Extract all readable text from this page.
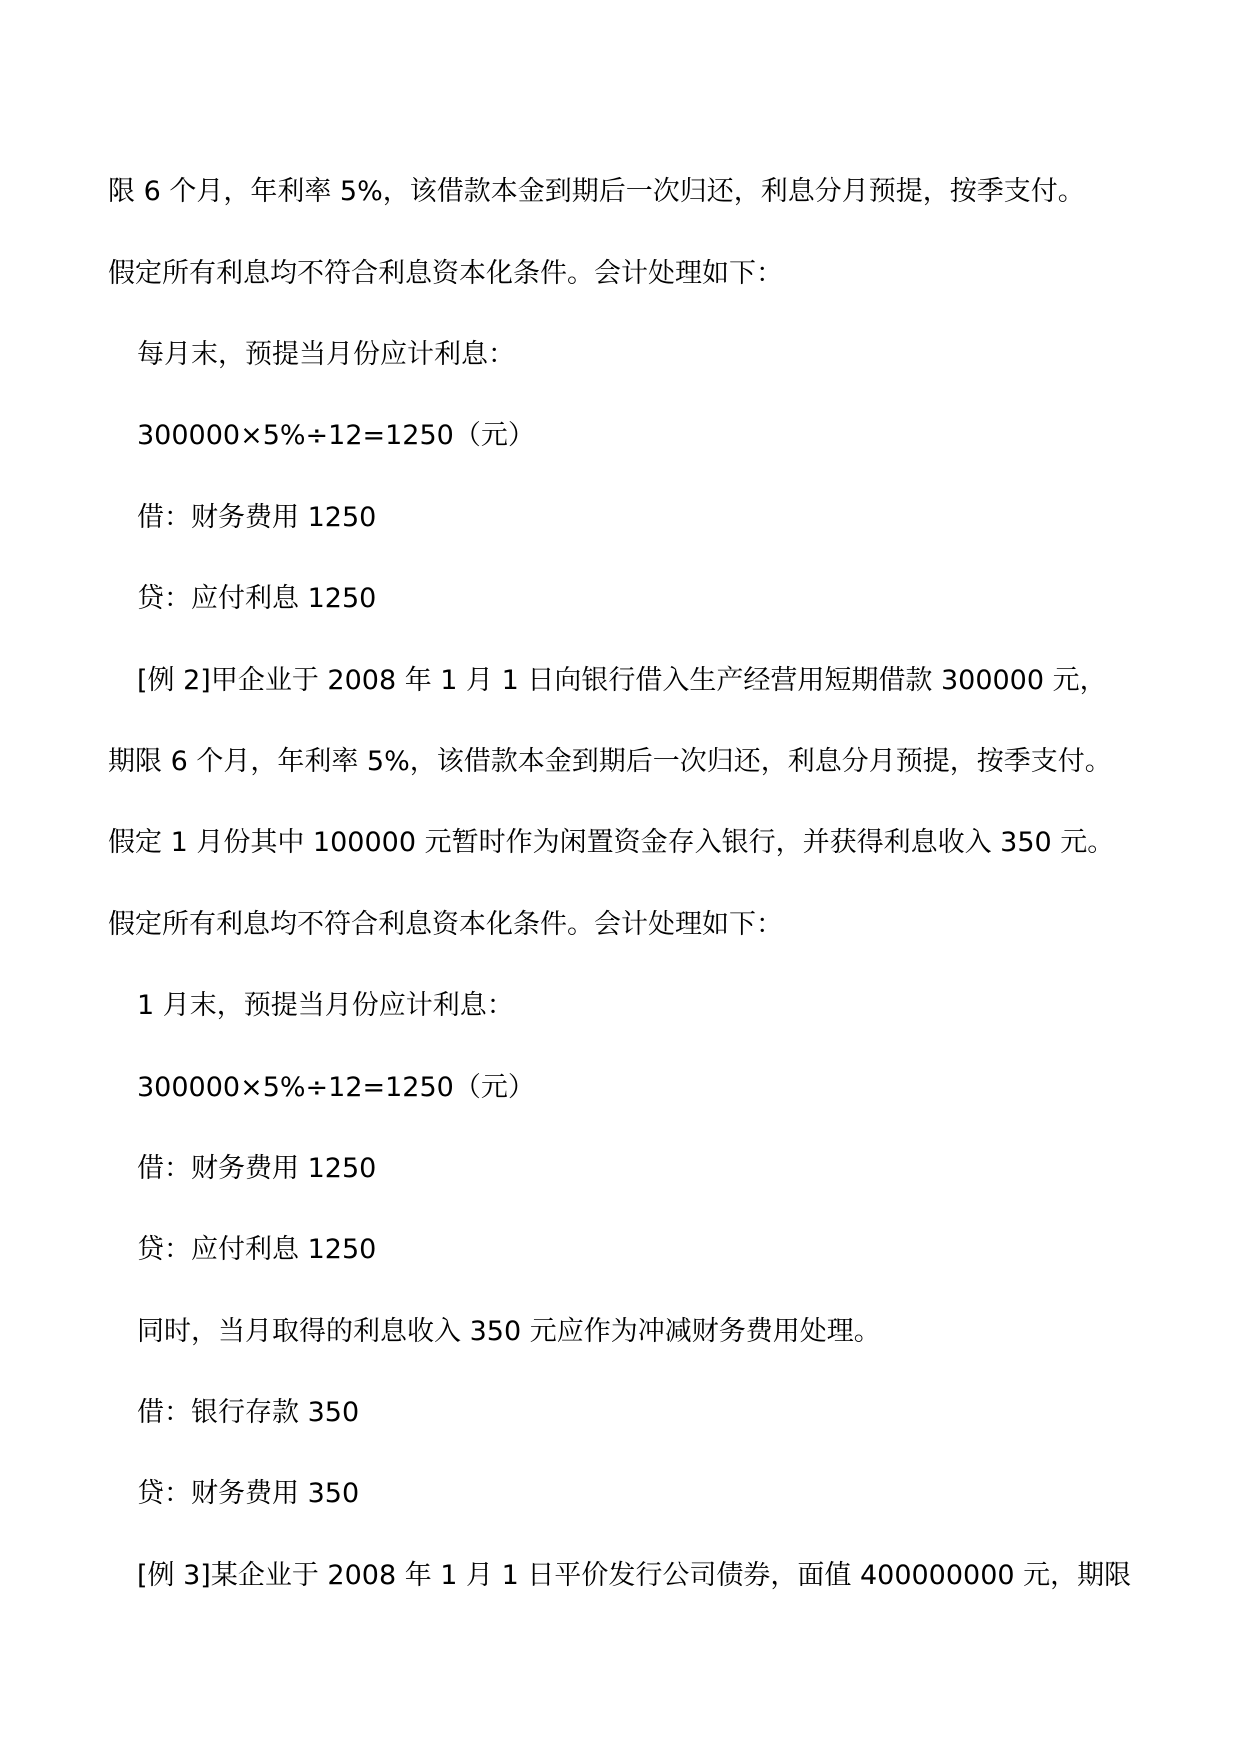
限 6 个月，年利率 5%，该借款本金到期后一次归还，利息分月预提，按季支付。
假定所有利息均不符合利息资本化条件。会计处理如下：
每月末，预提当月份应计利息：
300000×5%÷12=1250（元）
借：财务费用 1250
贷：应付利息 1250
[例 2]甲企业于 2008 年 1 月 1 日向银行借入生产经营用短期借款 300000 元，
期限 6 个月，年利率 5%，该借款本金到期后一次归还，利息分月预提，按季支付。
假定 1 月份其中 100000 元暂时作为闲置资金存入银行，并获得利息收入 350 元。
假定所有利息均不符合利息资本化条件。会计处理如下：
1 月末，预提当月份应计利息：
300000×5%÷12=1250（元）
借：财务费用 1250
贷：应付利息 1250
同时，当月取得的利息收入 350 元应作为冲减财务费用处理。
借：银行存款 350
贷：财务费用 350
[例 3]某企业于 2008 年 1 月 1 日平价发行公司债券，面值 400000000 元，期限
